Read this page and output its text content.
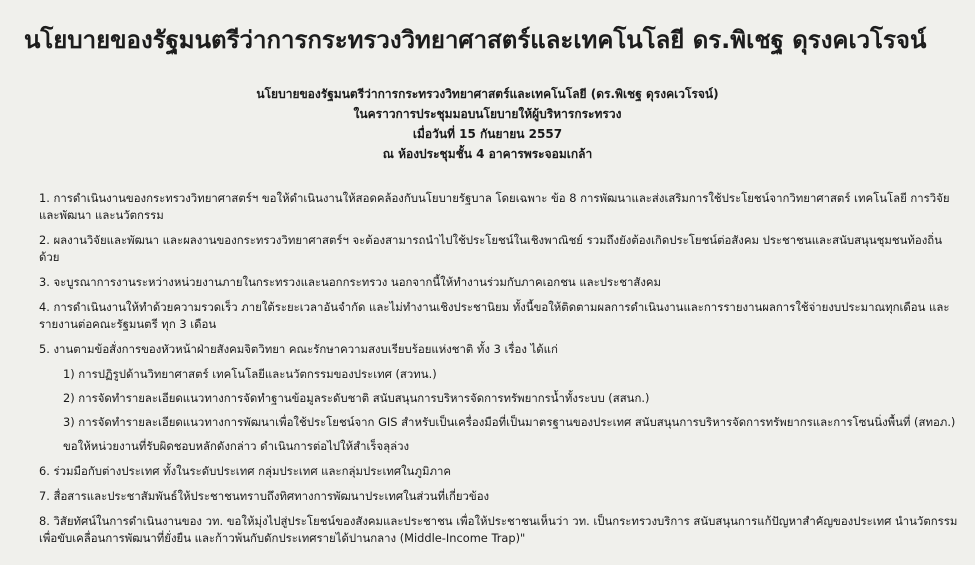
นโยบายของรัฐมนตรีว่าการกระทรวงวิทยาศาสตร์และเทคโนโลยี ดร.พิเชฐ ดุรงคเวโรจน์
นโยบายของรัฐมนตรีว่าการกระทรวงวิทยาศาสตร์และเทคโนโลยี (ดร.พิเชฐ ดุรงคเวโรจน์)
ในคราวการประชุมมอบนโยบายให้ผู้บริหารกระทรวง
เมื่อวันที่ 15 กันยายน 2557
ณ ห้องประชุมชั้น 4 อาคารพระจอมเกล้า
1. การดำเนินงานของกระทรวงวิทยาศาสตร์ฯ ขอให้ดำเนินงานให้สอดคล้องกับนโยบายรัฐบาล โดยเฉพาะ ข้อ 8 การพัฒนาและส่งเสริมการใช้ประโยชน์จากวิทยาศาสตร์ เทคโนโลยี การวิจัยและพัฒนา และนวัตกรรม
2. ผลงานวิจัยและพัฒนา และผลงานของกระทรวงวิทยาศาสตร์ฯ จะต้องสามารถนำไปใช้ประโยชน์ในเชิงพาณิชย์ รวมถึงยังต้องเกิดประโยชน์ต่อสังคม ประชาชนและสนับสนุนชุมชนท้องถิ่นด้วย
3. จะบูรณาการงานระหว่างหน่วยงานภายในกระทรวงและนอกกระทรวง นอกจากนี้ให้ทำงานร่วมกับภาคเอกชน และประชาสังคม
4. การดำเนินงานให้ทำด้วยความรวดเร็ว ภายใต้ระยะเวลาอันจำกัด และไม่ทำงานเชิงประชานิยม ทั้งนี้ขอให้ติดตามผลการดำเนินงานและการรายงานผลการใช้จ่ายงบประมาณทุกเดือน และรายงานต่อคณะรัฐมนตรี ทุก 3 เดือน
5. งานตามข้อสั่งการของหัวหน้าฝ่ายสังคมจิตวิทยา คณะรักษาความสงบเรียบร้อยแห่งชาติ ทั้ง 3 เรื่อง ได้แก่
1) การปฏิรูปด้านวิทยาศาสตร์ เทคโนโลยีและนวัตกรรมของประเทศ (สวทน.)
2) การจัดทำรายละเอียดแนวทางการจัดทำฐานข้อมูลระดับชาติ สนับสนุนการบริหารจัดการทรัพยากรน้ำทั้งระบบ (สสนก.)
3) การจัดทำรายละเอียดแนวทางการพัฒนาเพื่อใช้ประโยชน์จาก GIS สำหรับเป็นเครื่องมือที่เป็นมาตรฐานของประเทศ สนับสนุนการบริหารจัดการทรัพยากรและการโซนนิ่งพื้นที่ (สทอภ.)
ขอให้หน่วยงานที่รับผิดชอบหลักดังกล่าว ดำเนินการต่อไปให้สำเร็จลุล่วง
6. ร่วมมือกับต่างประเทศ ทั้งในระดับประเทศ กลุ่มประเทศ และกลุ่มประเทศในภูมิภาค
7. สื่อสารและประชาสัมพันธ์ให้ประชาชนทราบถึงทิศทางการพัฒนาประเทศในส่วนที่เกี่ยวข้อง
8. วิสัยทัศน์ในการดำเนินงานของ วท. ขอให้มุ่งไปสู่ประโยชน์ของสังคมและประชาชน เพื่อให้ประชาชนเห็นว่า วท. เป็นกระทรวงบริการ สนับสนุนการแก้ปัญหาสำคัญของประเทศ นำนวัตกรรมเพื่อขับเคลื่อนการพัฒนาที่ยั่งยืน และก้าวพ้นกับดักประเทศรายได้ปานกลาง (Middle-Income Trap)"
